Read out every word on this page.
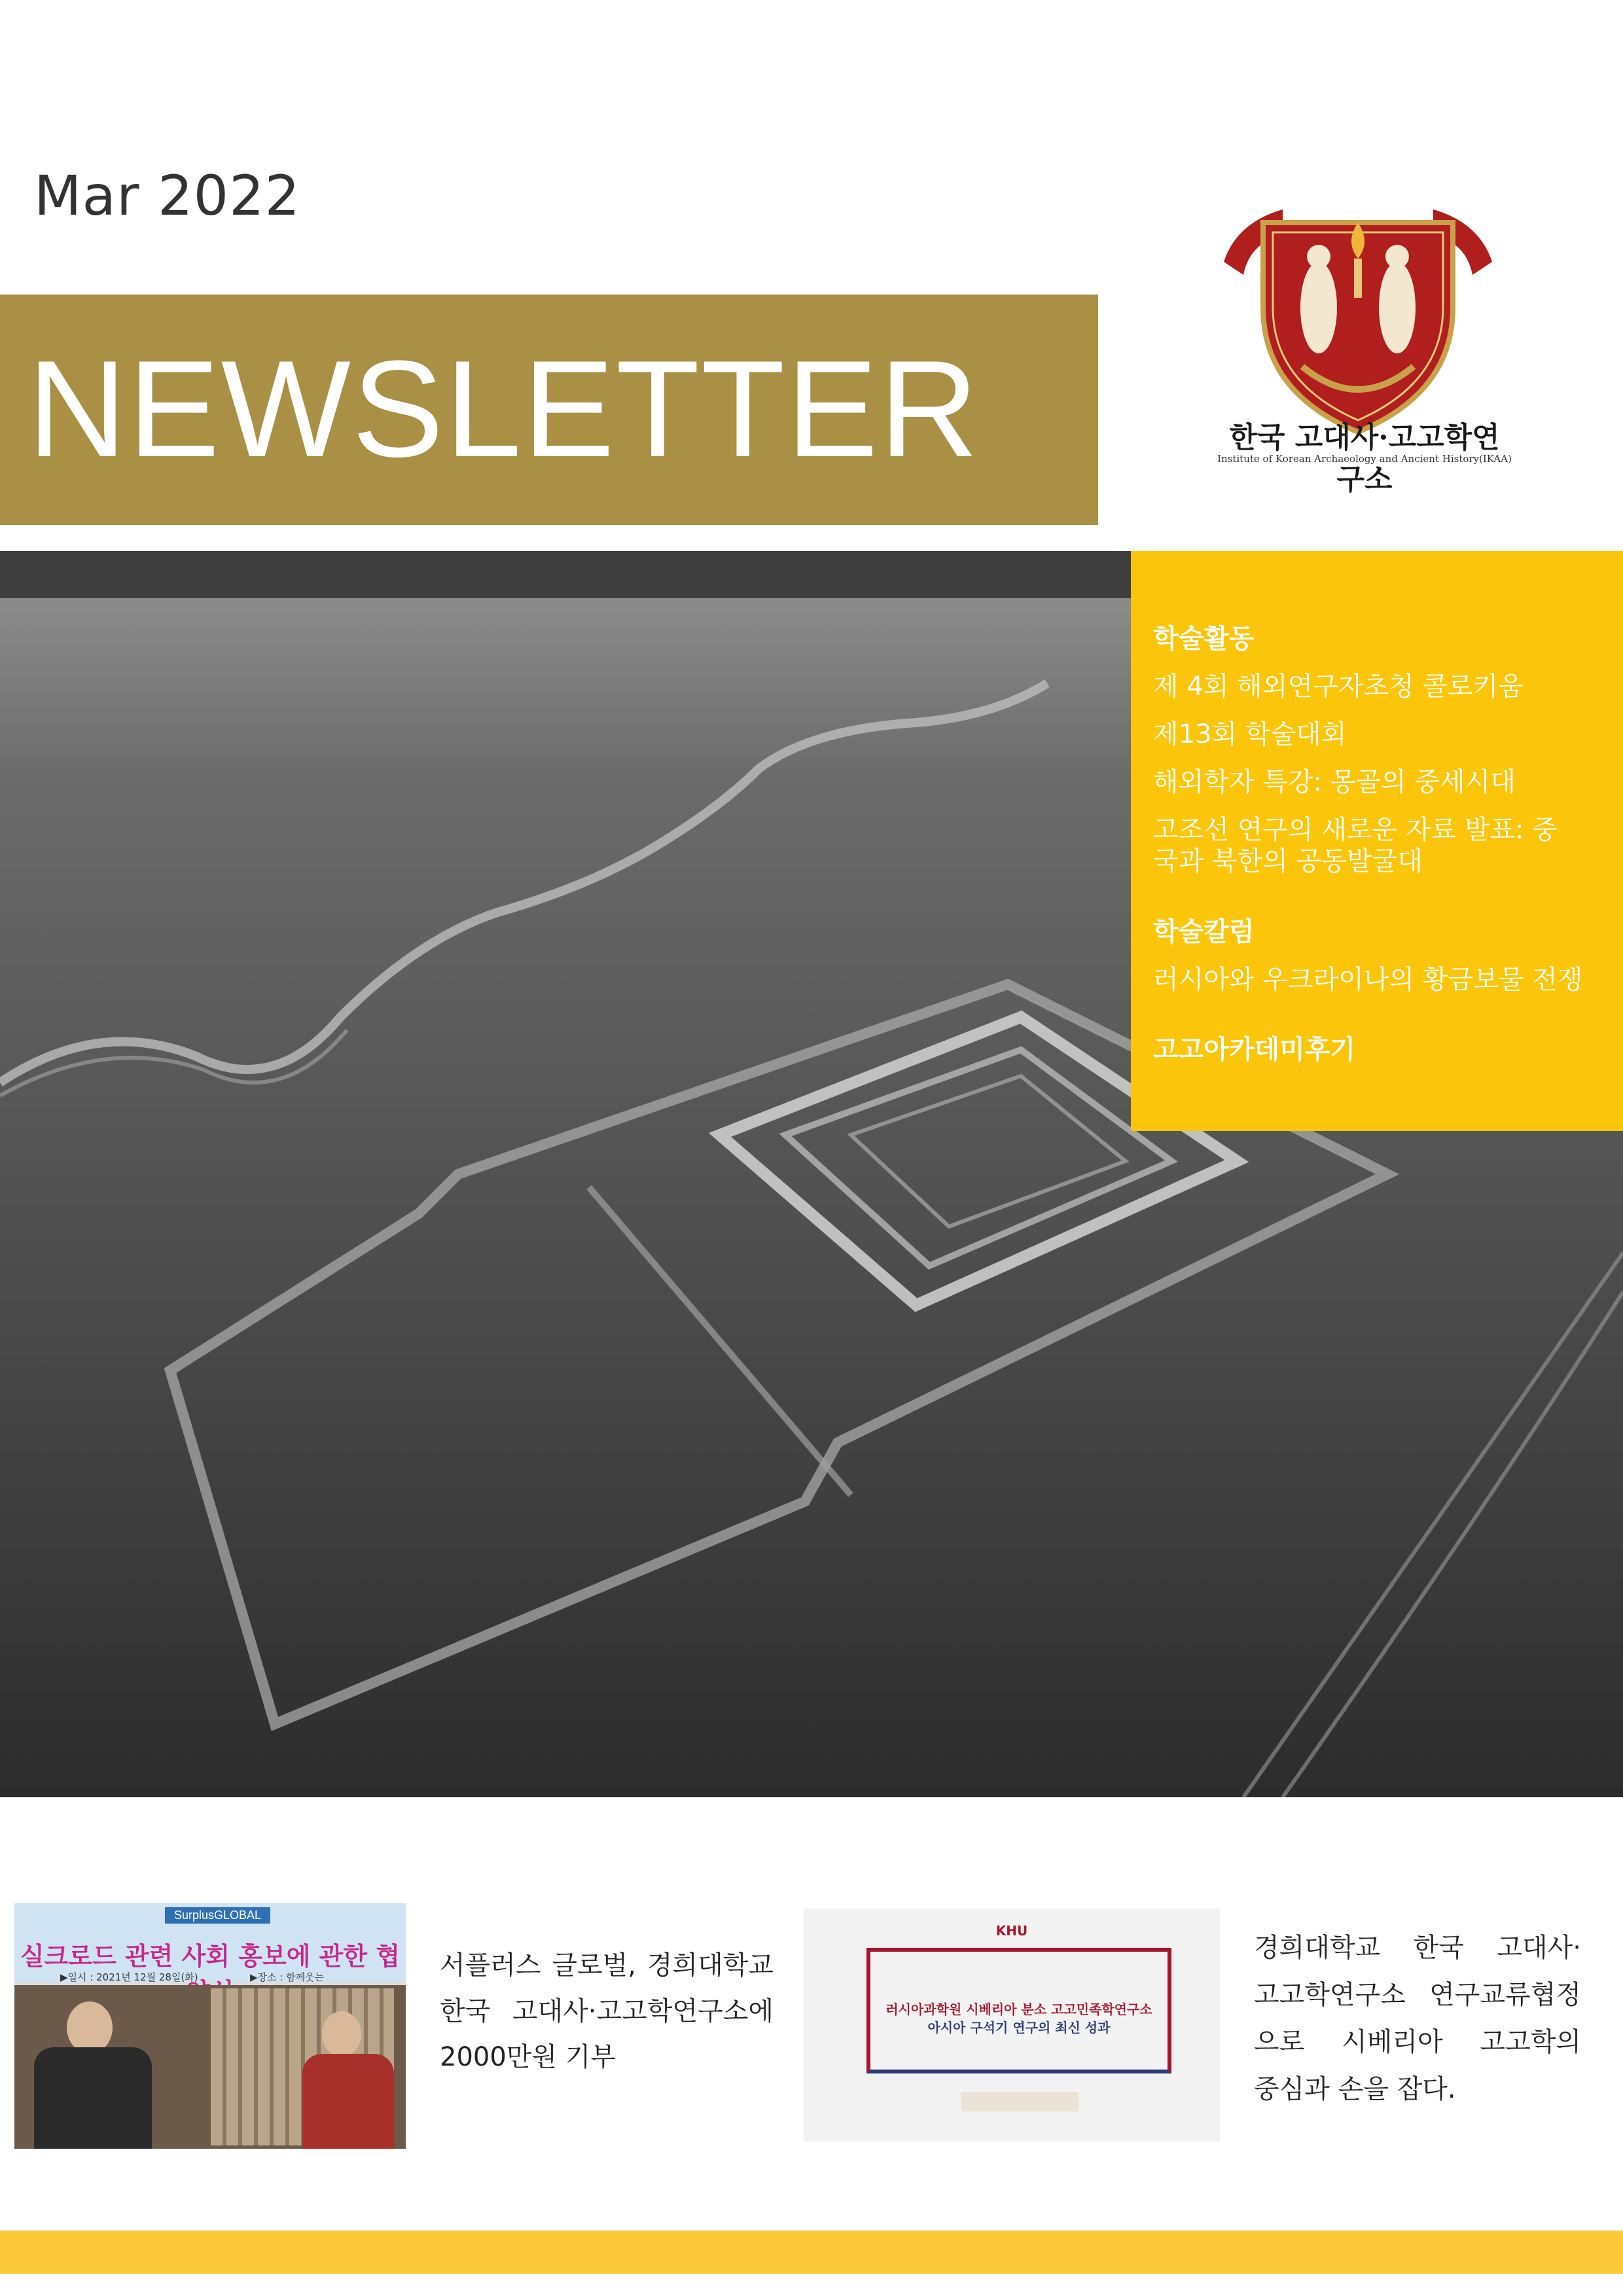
Mar 2022
NEWSLETTER	한국 고대사·고고학연구소
Institute of Korean Archaeology and Ancient History(IKAA)
학술활동
제 4회 해외연구자초청 콜로키움
제13회 학술대회
해외학자 특강: 몽골의 중세시대
고조선 연구의 새로운 자료 발표: 중국과 북한의 공동발굴대
학술칼럼
러시아와 우크라이나의 황금보물 전쟁
고고아카데미후기
SurplusGLOBAL
실크로드 관련 사회 홍보에 관한 협
▶일시 : 2021년 12월 28일(화)	▶장소 : 함께웃는	서플러스 글로벌, 경희대학교
한국 고대사·고고학연구소에
2000만원 기부
KHU
러시아과학원 시베리아 분소 고고민족학연구소
아시아 구석기 연구의 최신 성과
경희대학교 한국 고대사·
고고학연구소 연구교류협정
으로 시베리아 고고학의
중심과 손을 잡다.
